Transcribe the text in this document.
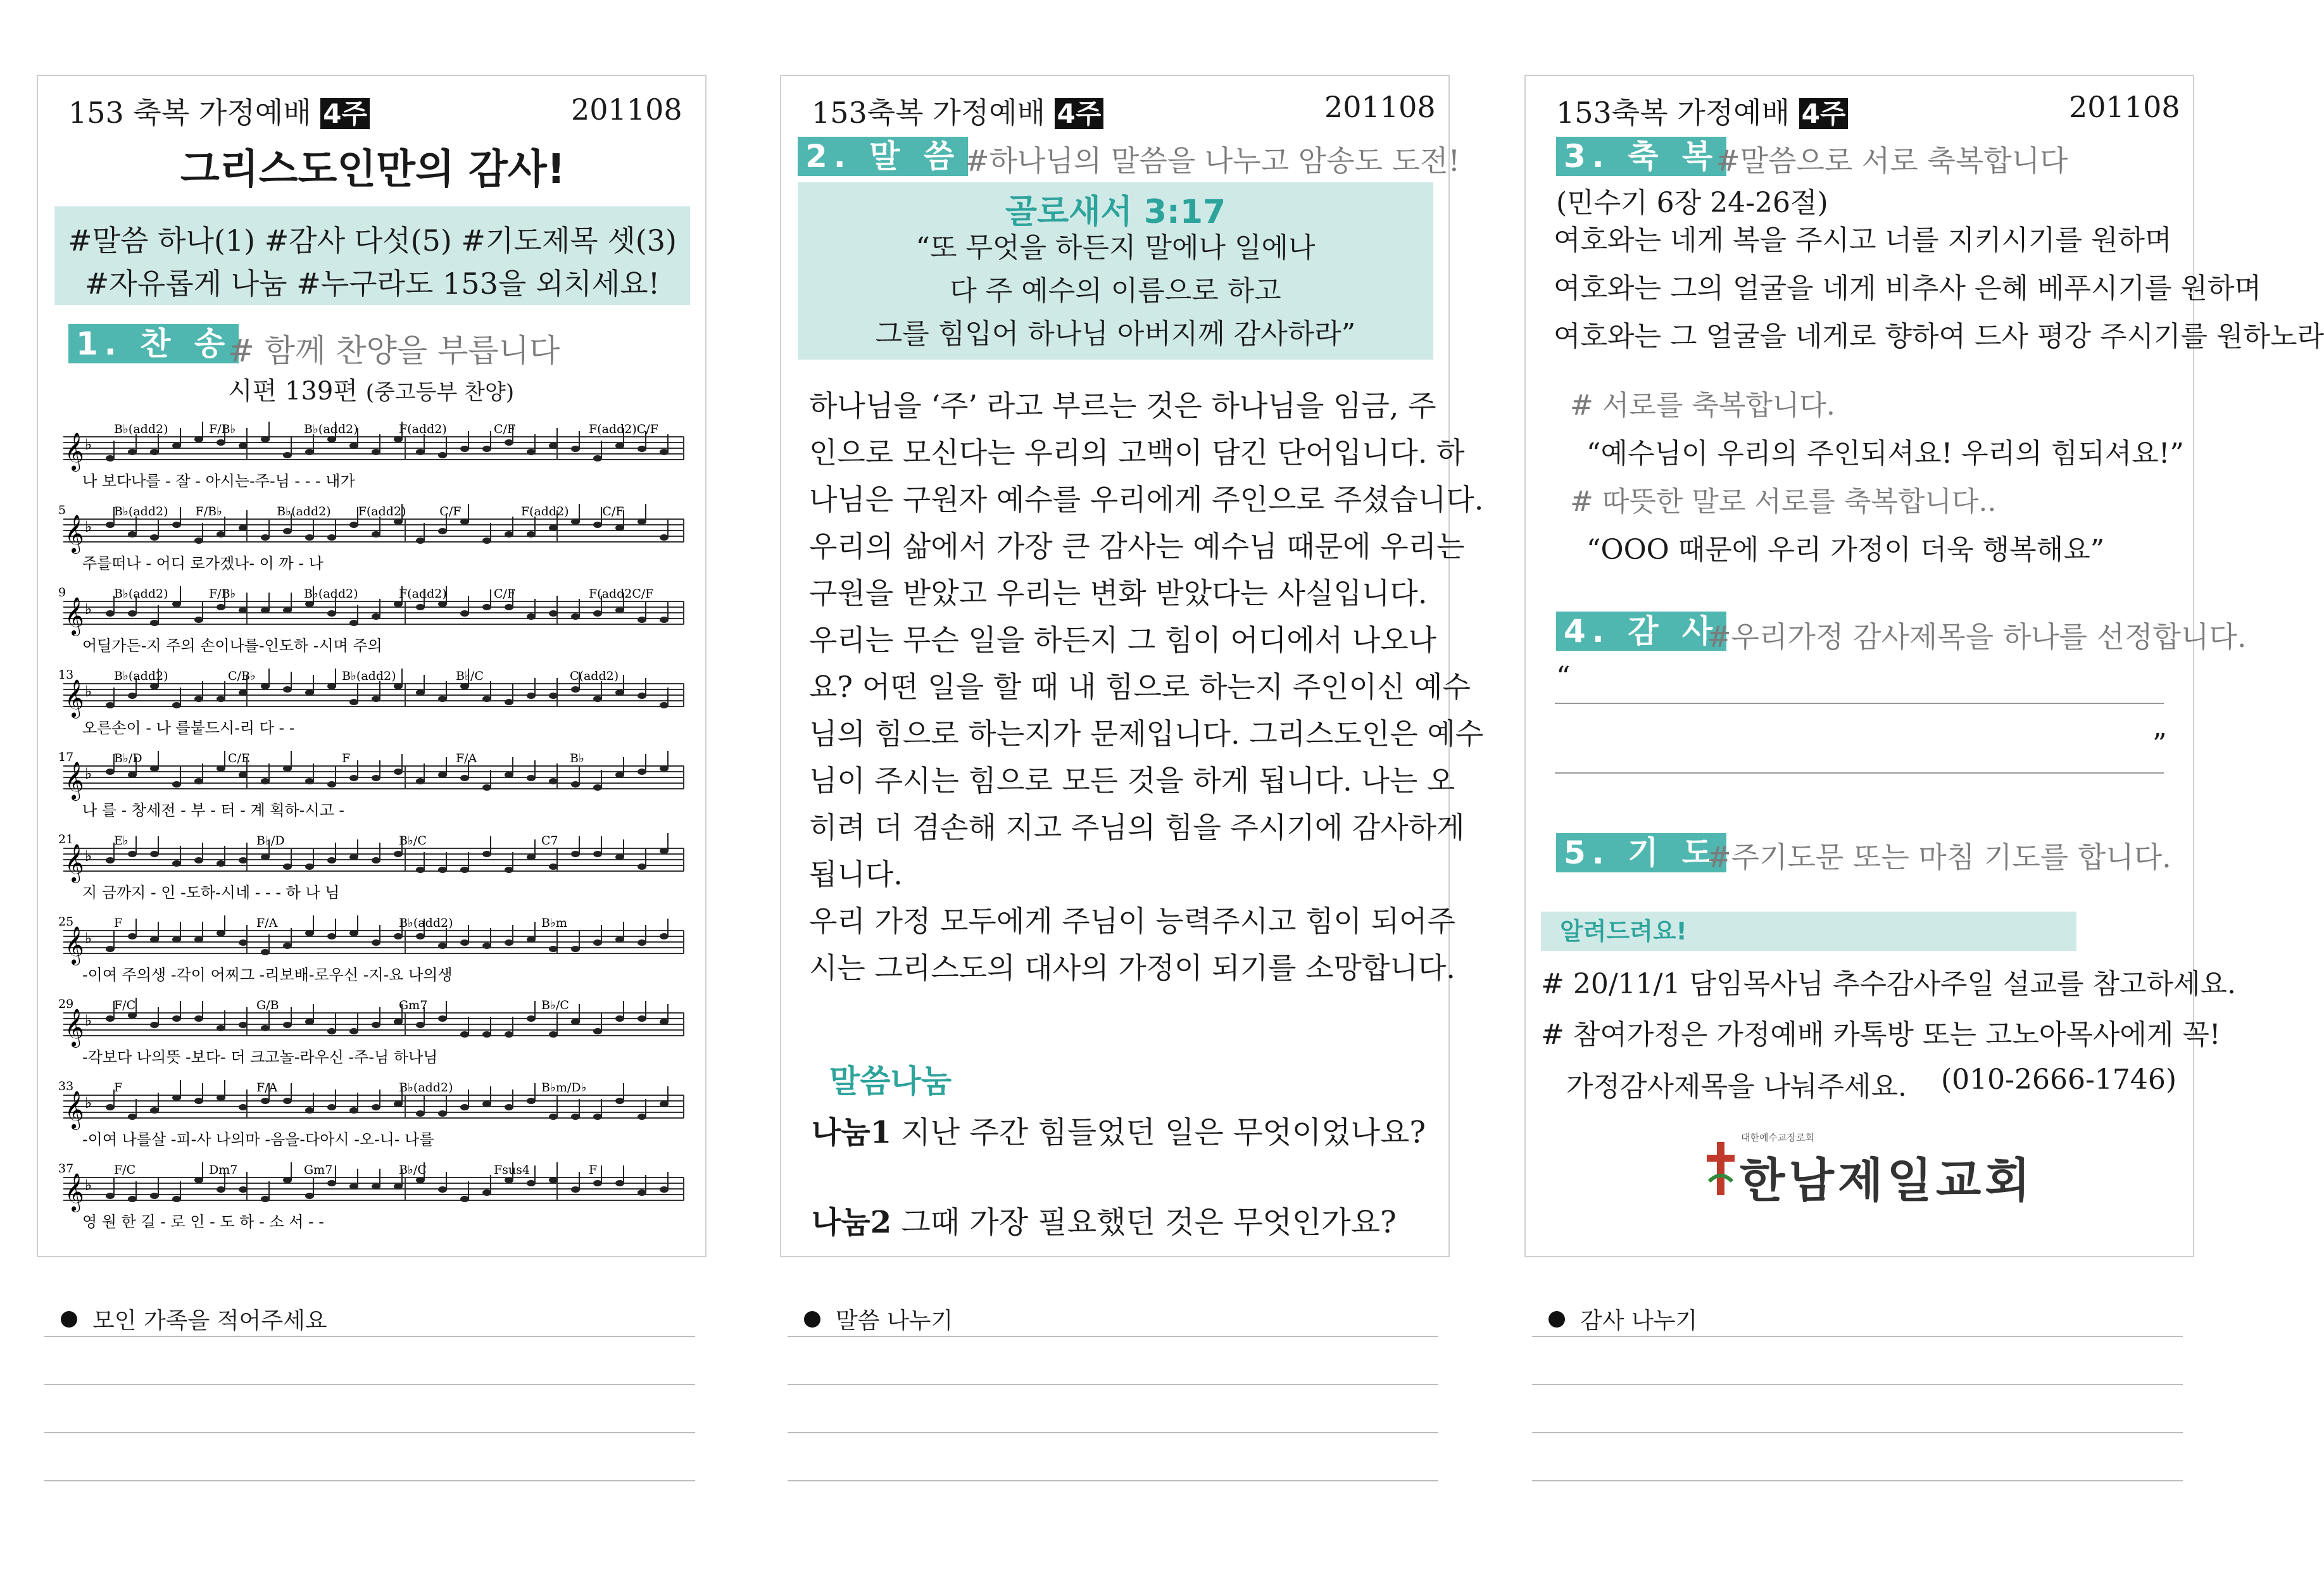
153 축복 가정예배 4주	201108
그리스도인만의 감사!
#말씀 하나(1) #감사 다섯(5) #기도제목 셋(3)
#자유롭게 나눔 #누구라도 153을 외치세요!
1. 찬 송
# 함께 찬양을 부릅니다
시편 139편 (중고등부 찬양)
B♭(add2)	F/B♭	B♭(add2)	F(add2)	C/F	F(add2)C/F
𝄞 ♭
나 보다나를 - 잘 - 아시는-주-님 - - - 내가
5	B♭(add2) F/B♭	B♭(add2) F(add2)	C/F	F(add2)	C/F
𝄞 ♭
주를떠나 - 어디 로가겠나- 이 까 - 나
9	B♭(add2)	F/B♭	B♭(add2)	F(add2)	C/F	F(add2C/F
𝄞 ♭
어딜가든-지 주의 손이나를-인도하 -시며 주의
13	B♭(add2)	C/B♭	B♭(add2)	B♭/C	C(add2)
𝄞 ♭
오른손이 - 나 를붙드시-리 다 - -
17	B♭/D	C/E	F	F/A	B♭
𝄞 ♭
나 를 - 창세전 - 부 - 터 - 계 획하-시고 -
21	E♭	B♭/D	B♭/C	C7
𝄞 ♭
지 금까지 - 인 -도하-시네 - - - 하 나 님
25	F	F/A	B♭(add2)	B♭m
𝄞 ♭
-이여 주의생 -각이 어찌그 -리보배-로우신 -지-요 나의생
29	F/C	G/B	Gm7	B♭/C
𝄞 ♭
-각보다 나의뜻 -보다- 더 크고놀-라우신 -주-님 하나님
33	F	F/A	B♭(add2)	B♭m/D♭
𝄞 ♭
-이여 나를살 -피-사 나의마 -음을-다아시 -오-니- 나를
37	F/C	Dm7	Gm7	B♭/C	Fsus4	F
𝄞 ♭
영 원 한 길 - 로 인 - 도 하 - 소 서 - -
153축복 가정예배 4주	201108
2. 말 씀 #하나님의 말씀을 나누고 암송도 도전!
골로새서 3:17
“또 무엇을 하든지 말에나 일에나
다 주 예수의 이름으로 하고
그를 힘입어 하나님 아버지께 감사하라”
하나님을 ‘주’ 라고 부르는 것은 하나님을 임금, 주
인으로 모신다는 우리의 고백이 담긴 단어입니다. 하
나님은 구원자 예수를 우리에게 주인으로 주셨습니다.
우리의 삶에서 가장 큰 감사는 예수님 때문에 우리는
구원을 받았고 우리는 변화 받았다는 사실입니다.
우리는 무슨 일을 하든지 그 힘이 어디에서 나오나
요? 어떤 일을 할 때 내 힘으로 하는지 주인이신 예수
님의 힘으로 하는지가 문제입니다. 그리스도인은 예수
님이 주시는 힘으로 모든 것을 하게 됩니다. 나는 오
히려 더 겸손해 지고 주님의 힘을 주시기에 감사하게
됩니다.
우리 가정 모두에게 주님이 능력주시고 힘이 되어주
시는 그리스도의 대사의 가정이 되기를 소망합니다.
말씀나눔
나눔1 지난 주간 힘들었던 일은 무엇이었나요?
나눔2 그때 가장 필요했던 것은 무엇인가요?
153축복 가정예배 4주	201108
3. 축 복
#말씀으로 서로 축복합니다
(민수기 6장 24-26절)
여호와는 네게 복을 주시고 너를 지키시기를 원하며
여호와는 그의 얼굴을 네게 비추사 은혜 베푸시기를 원하며
여호와는 그 얼굴을 네게로 향하여 드사 평강 주시기를 원하노라
# 서로를 축복합니다.
“예수님이 우리의 주인되셔요! 우리의 힘되셔요!”
# 따뜻한 말로 서로를 축복합니다..
“OOO 때문에 우리 가정이 더욱 행복해요”
4. 감 사
#우리가정 감사제목을 하나를 선정합니다.
“
”
5. 기 도
#주기도문 또는 마침 기도를 합니다.
알려드려요!
# 20/11/1 담임목사님 추수감사주일 설교를 참고하세요.
# 참여가정은 가정예배 카톡방 또는 고노아목사에게 꼭!
가정감사제목을 나눠주세요. (010-2666-1746)
대한예수교장로회
한남제일교회
모인 가족을 적어주세요	말씀 나누기	감사 나누기
